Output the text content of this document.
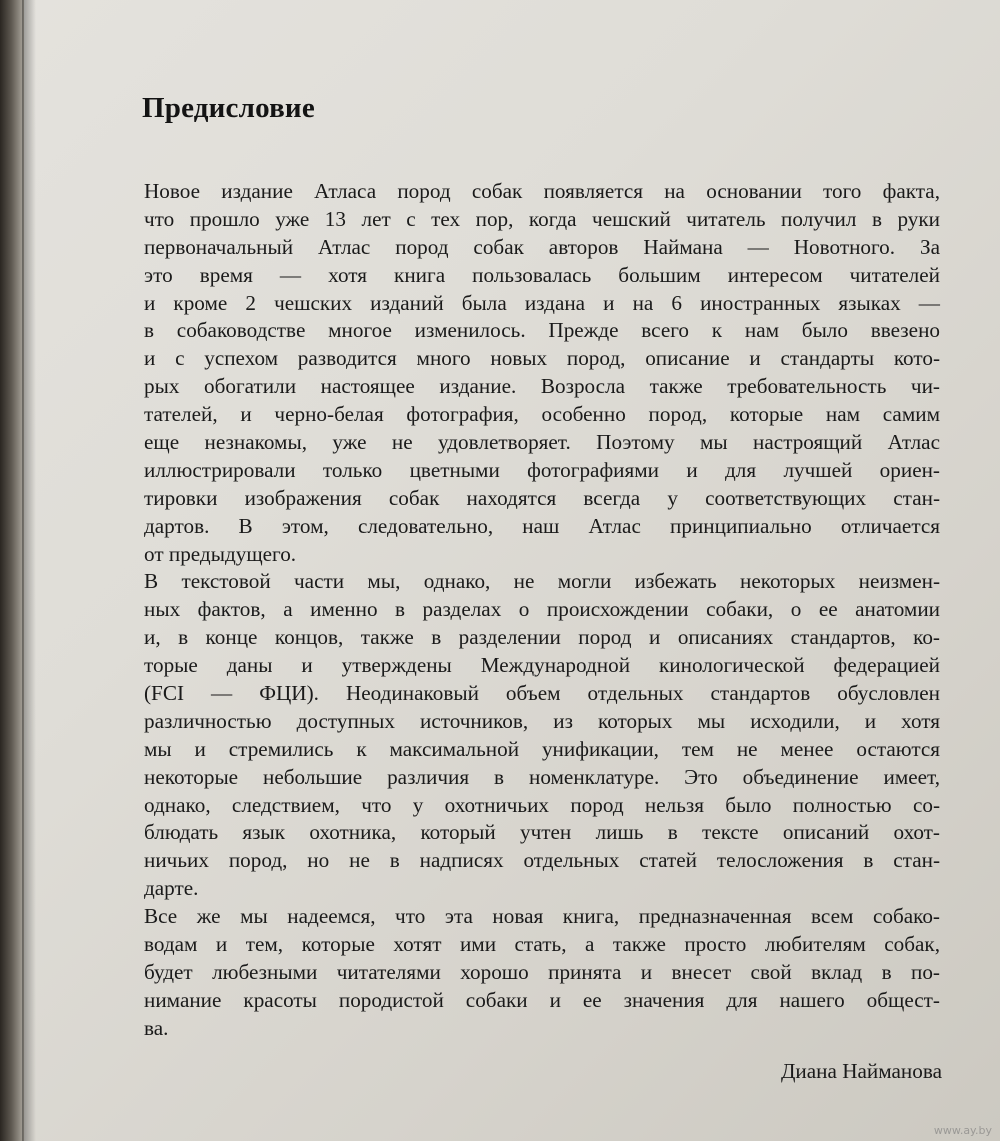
Предисловие
Новое издание Атласа пород собак появляется на основании того факта,
что прошло уже 13 лет с тех пор, когда чешский читатель получил в руки
первоначальный Атлас пород собак авторов Наймана — Новотного. За
это время — хотя книга пользовалась большим интересом читателей
и кроме 2 чешских изданий была издана и на 6 иностранных языках —
в собаководстве многое изменилось. Прежде всего к нам было ввезено
и с успехом разводится много новых пород, описание и стандарты кото-
рых обогатили настоящее издание. Возросла также требовательность чи-
тателей, и черно-белая фотография, особенно пород, которые нам самим
еще незнакомы, уже не удовлетворяет. Поэтому мы настроящий Атлас
иллюстрировали только цветными фотографиями и для лучшей ориен-
тировки изображения собак находятся всегда у соответствующих стан-
дартов. В этом, следовательно, наш Атлас принципиально отличается
от предыдущего.
В текстовой части мы, однако, не могли избежать некоторых неизмен-
ных фактов, а именно в разделах о происхождении собаки, о ее анатомии
и, в конце концов, также в разделении пород и описаниях стандартов, ко-
торые даны и утверждены Международной кинологической федерацией
(FCI — ФЦИ). Неодинаковый объем отдельных стандартов обусловлен
различностью доступных источников, из которых мы исходили, и хотя
мы и стремились к максимальной унификации, тем не менее остаются
некоторые небольшие различия в номенклатуре. Это объединение имеет,
однако, следствием, что у охотничьих пород нельзя было полностью со-
блюдать язык охотника, который учтен лишь в тексте описаний охот-
ничьих пород, но не в надписях отдельных статей телосложения в стан-
дарте.
Все же мы надеемся, что эта новая книга, предназначенная всем собако-
водам и тем, которые хотят ими стать, а также просто любителям собак,
будет любезными читателями хорошо принята и внесет свой вклад в по-
нимание красоты породистой собаки и ее значения для нашего общест-
ва.
Диана Найманова
www.ay.by
